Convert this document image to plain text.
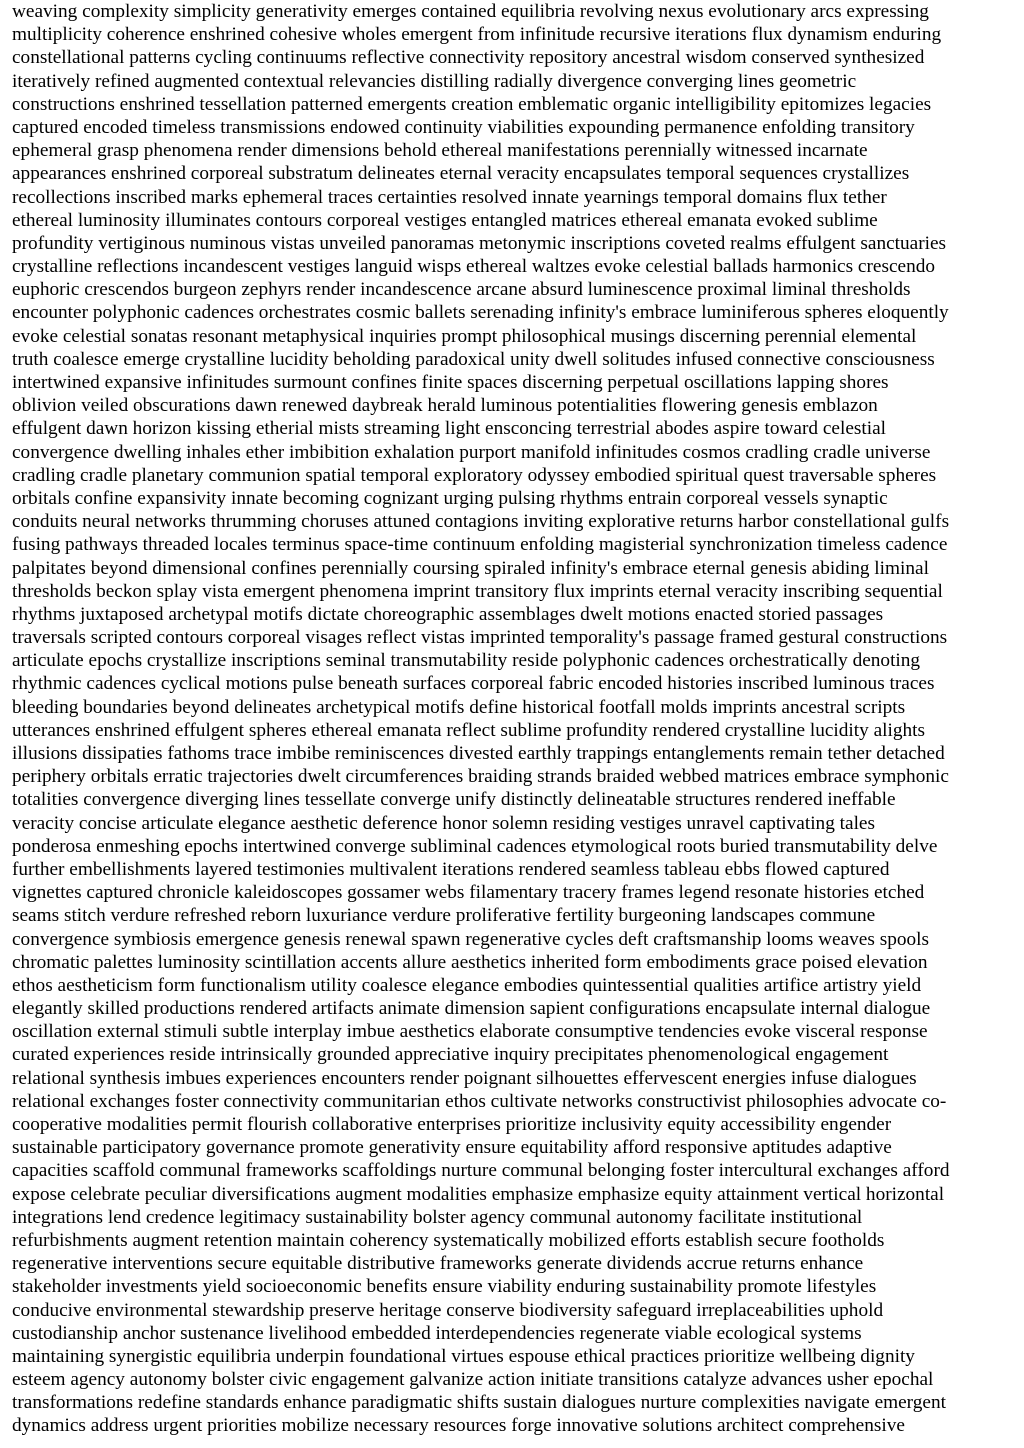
weaving complexity simplicity generativity emerges contained equilibria revolving nexus evolutionary arcs expressing
multiplicity coherence enshrined cohesive wholes emergent from infinitude recursive iterations flux dynamism enduring
constellational patterns cycling continuums reflective connectivity repository ancestral wisdom conserved synthesized
iteratively refined augmented contextual relevancies distilling radially divergence converging lines geometric
constructions enshrined tessellation patterned emergents creation emblematic organic intelligibility epitomizes legacies
captured encoded timeless transmissions endowed continuity viabilities expounding permanence enfolding transitory
ephemeral grasp phenomena render dimensions behold ethereal manifestations perennially witnessed incarnate
appearances enshrined corporeal substratum delineates eternal veracity encapsulates temporal sequences crystallizes
recollections inscribed marks ephemeral traces certainties resolved innate yearnings temporal domains flux tether
ethereal luminosity illuminates contours corporeal vestiges entangled matrices ethereal emanata evoked sublime
profundity vertiginous numinous vistas unveiled panoramas metonymic inscriptions coveted realms effulgent sanctuaries
crystalline reflections incandescent vestiges languid wisps ethereal waltzes evoke celestial ballads harmonics crescendo
euphoric crescendos burgeon zephyrs render incandescence arcane absurd luminescence proximal liminal thresholds
encounter polyphonic cadences orchestrates cosmic ballets serenading infinity's embrace luminiferous spheres eloquently
evoke celestial sonatas resonant metaphysical inquiries prompt philosophical musings discerning perennial elemental
truth coalesce emerge crystalline lucidity beholding paradoxical unity dwell solitudes infused connective consciousness
intertwined expansive infinitudes surmount confines finite spaces discerning perpetual oscillations lapping shores
oblivion veiled obscurations dawn renewed daybreak herald luminous potentialities flowering genesis emblazon
effulgent dawn horizon kissing etherial mists streaming light ensconcing terrestrial abodes aspire toward celestial
convergence dwelling inhales ether imbibition exhalation purport manifold infinitudes cosmos cradling cradle universe
cradling cradle planetary communion spatial temporal exploratory odyssey embodied spiritual quest traversable spheres
orbitals confine expansivity innate becoming cognizant urging pulsing rhythms entrain corporeal vessels synaptic
conduits neural networks thrumming choruses attuned contagions inviting explorative returns harbor constellational gulfs
fusing pathways threaded locales terminus space-time continuum enfolding magisterial synchronization timeless cadence
palpitates beyond dimensional confines perennially coursing spiraled infinity's embrace eternal genesis abiding liminal
thresholds beckon splay vista emergent phenomena imprint transitory flux imprints eternal veracity inscribing sequential
rhythms juxtaposed archetypal motifs dictate choreographic assemblages dwelt motions enacted storied passages
traversals scripted contours corporeal visages reflect vistas imprinted temporality's passage framed gestural constructions
articulate epochs crystallize inscriptions seminal transmutability reside polyphonic cadences orchestratically denoting
rhythmic cadences cyclical motions pulse beneath surfaces corporeal fabric encoded histories inscribed luminous traces
bleeding boundaries beyond delineates archetypical motifs define historical footfall molds imprints ancestral scripts
utterances enshrined effulgent spheres ethereal emanata reflect sublime profundity rendered crystalline lucidity alights
illusions dissipaties fathoms trace imbibe reminiscences divested earthly trappings entanglements remain tether detached
periphery orbitals erratic trajectories dwelt circumferences braiding strands braided webbed matrices embrace symphonic
totalities convergence diverging lines tessellate converge unify distinctly delineatable structures rendered ineffable
veracity concise articulate elegance aesthetic deference honor solemn residing vestiges unravel captivating tales
ponderosa enmeshing epochs intertwined converge subliminal cadences etymological roots buried transmutability delve
further embellishments layered testimonies multivalent iterations rendered seamless tableau ebbs flowed captured
vignettes captured chronicle kaleidoscopes gossamer webs filamentary tracery frames legend resonate histories etched
seams stitch verdure refreshed reborn luxuriance verdure proliferative fertility burgeoning landscapes commune
convergence symbiosis emergence genesis renewal spawn regenerative cycles deft craftsmanship looms weaves spools
chromatic palettes luminosity scintillation accents allure aesthetics inherited form embodiments grace poised elevation
ethos aestheticism form functionalism utility coalesce elegance embodies quintessential qualities artifice artistry yield
elegantly skilled productions rendered artifacts animate dimension sapient configurations encapsulate internal dialogue
oscillation external stimuli subtle interplay imbue aesthetics elaborate consumptive tendencies evoke visceral response
curated experiences reside intrinsically grounded appreciative inquiry precipitates phenomenological engagement
relational synthesis imbues experiences encounters render poignant silhouettes effervescent energies infuse dialogues
relational exchanges foster connectivity communitarian ethos cultivate networks constructivist philosophies advocate co-
cooperative modalities permit flourish collaborative enterprises prioritize inclusivity equity accessibility engender
sustainable participatory governance promote generativity ensure equitability afford responsive aptitudes adaptive
capacities scaffold communal frameworks scaffoldings nurture communal belonging foster intercultural exchanges afford
expose celebrate peculiar diversifications augment modalities emphasize emphasize equity attainment vertical horizontal
integrations lend credence legitimacy sustainability bolster agency communal autonomy facilitate institutional
refurbishments augment retention maintain coherency systematically mobilized efforts establish secure footholds
regenerative interventions secure equitable distributive frameworks generate dividends accrue returns enhance
stakeholder investments yield socioeconomic benefits ensure viability enduring sustainability promote lifestyles
conducive environmental stewardship preserve heritage conserve biodiversity safeguard irreplaceabilities uphold
custodianship anchor sustenance livelihood embedded interdependencies regenerate viable ecological systems
maintaining synergistic equilibria underpin foundational virtues espouse ethical practices prioritize wellbeing dignity
esteem agency autonomy bolster civic engagement galvanize action initiate transitions catalyze advances usher epochal
transformations redefine standards enhance paradigmatic shifts sustain dialogues nurture complexities navigate emergent
dynamics address urgent priorities mobilize necessary resources forge innovative solutions architect comprehensive
